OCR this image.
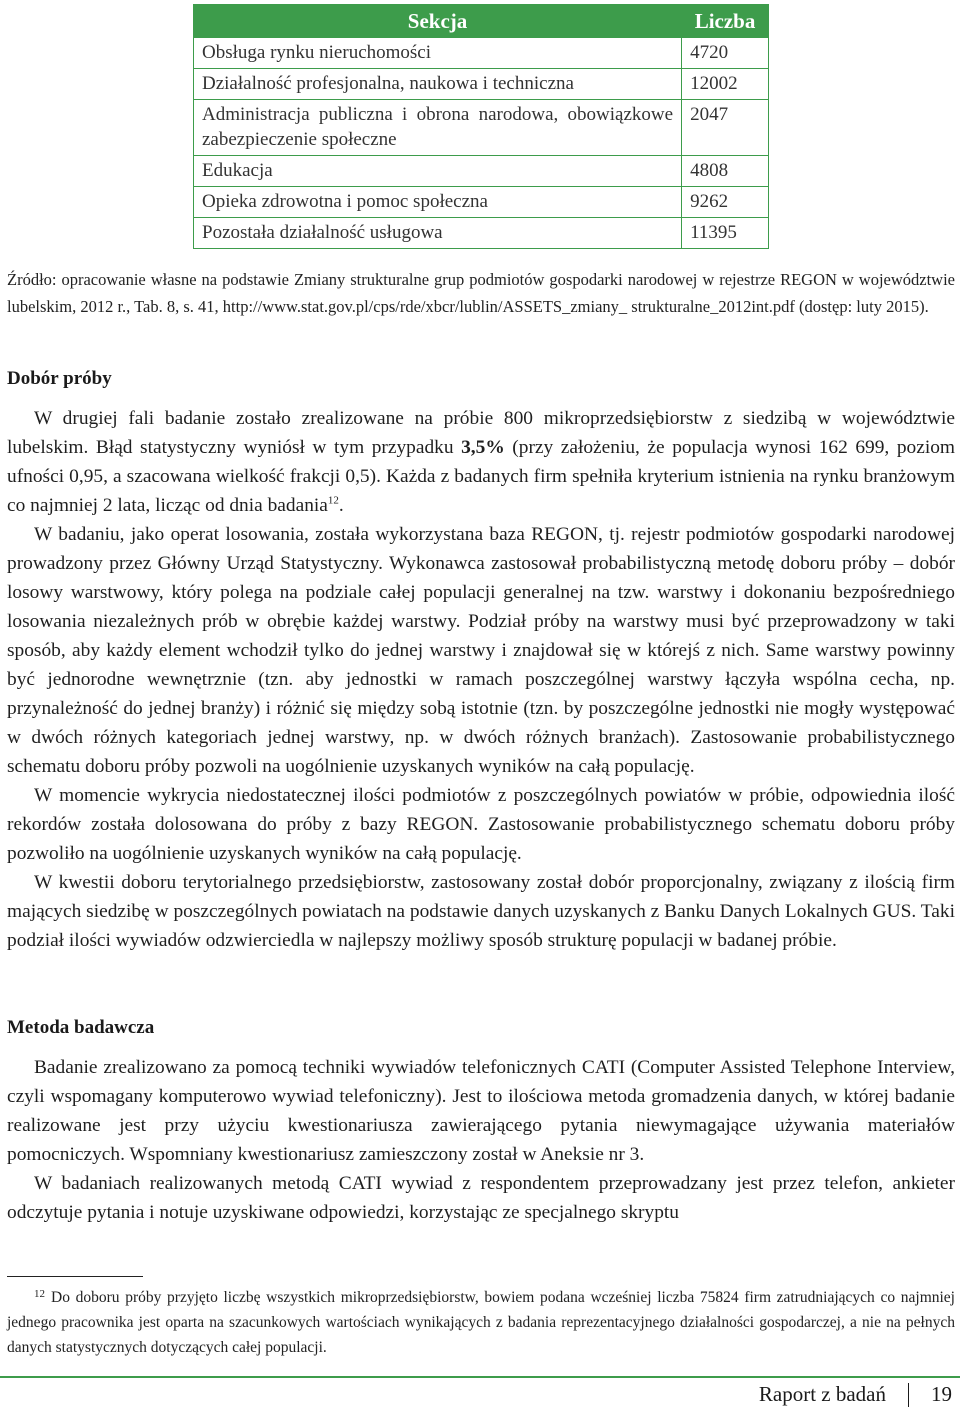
Sekcja	Liczba
Obsługa rynku nieruchomości	4720
Działalność profesjonalna, naukowa i techniczna	12002
Administracja publiczna i obrona narodowa, obowiązkowe zabezpieczenie społeczne	2047
Edukacja	4808
Opieka zdrowotna i pomoc społeczna	9262
Pozostała działalność usługowa	11395

Źródło: opracowanie własne na podstawie Zmiany strukturalne grup podmiotów gospodarki narodowej w rejestrze REGON w województwie lubelskim, 2012 r., Tab. 8, s. 41, http://www.stat.gov.pl/cps/rde/xbcr/lublin/ASSETS_zmiany_ strukturalne_2012int.pdf (dostęp: luty 2015).

Dobór próby

W drugiej fali badanie zostało zrealizowane na próbie 800 mikroprzedsiębiorstw z siedzibą w województwie lubelskim. Błąd statystyczny wyniósł w tym przypadku 3,5% (przy założeniu, że populacja wynosi 162 699, poziom ufności 0,95, a szacowana wielkość frakcji 0,5). Każda z badanych firm spełniła kryterium istnienia na rynku branżowym co najmniej 2 lata, licząc od dnia badania$^{12}$.

W badaniu, jako operat losowania, została wykorzystana baza REGON, tj. rejestr podmiotów gospodarki narodowej prowadzony przez Główny Urząd Statystyczny. Wykonawca zastosował probabilistyczną metodę doboru próby – dobór losowy warstwowy, który polega na podziale całej populacji generalnej na tzw. warstwy i dokonaniu bezpośredniego losowania niezależnych prób w obrębie każdej warstwy. Podział próby na warstwy musi być przeprowadzony w taki sposób, aby każdy element wchodził tylko do jednej warstwy i znajdował się w którejś z nich. Same warstwy powinny być jednorodne wewnętrznie (tzn. aby jednostki w ramach poszczególnej warstwy łączyła wspólna cecha, np. przynależność do jednej branży) i różnić się między sobą istotnie (tzn. by poszczególne jednostki nie mogły występować w dwóch różnych kategoriach jednej warstwy, np. w dwóch różnych branżach). Zastosowanie probabilistycznego schematu doboru próby pozwoli na uogólnienie uzyskanych wyników na całą populację.

W momencie wykrycia niedostatecznej ilości podmiotów z poszczególnych powiatów w próbie, odpowiednia ilość rekordów została dolosowana do próby z bazy REGON. Zastosowanie probabilistycznego schematu doboru próby pozwoliło na uogólnienie uzyskanych wyników na całą populację.

W kwestii doboru terytorialnego przedsiębiorstw, zastosowany został dobór proporcjonalny, związany z ilością firm mających siedzibę w poszczególnych powiatach na podstawie danych uzyskanych z Banku Danych Lokalnych GUS. Taki podział ilości wywiadów odzwierciedla w najlepszy możliwy sposób strukturę populacji w badanej próbie.

Metoda badawcza

Badanie zrealizowano za pomocą techniki wywiadów telefonicznych CATI (Computer Assisted Telephone Interview, czyli wspomagany komputerowo wywiad telefoniczny). Jest to ilościowa metoda gromadzenia danych, w której badanie realizowane jest przy użyciu kwestionariusza zawierającego pytania niewymagające używania materiałów pomocniczych. Wspomniany kwestionariusz zamieszczony został w Aneksie nr 3.

W badaniach realizowanych metodą CATI wywiad z respondentem przeprowadzany jest przez telefon, ankieter odczytuje pytania i notuje uzyskiwane odpowiedzi, korzystając ze specjalnego skryptu

$^{12}$ Do doboru próby przyjęto liczbę wszystkich mikroprzedsiębiorstw, bowiem podana wcześniej liczba 75824 firm zatrudniających co najmniej jednego pracownika jest oparta na szacunkowych wartościach wynikających z badania reprezentacyjnego działalności gospodarczej, a nie na pełnych danych statystycznych dotyczących całej populacji.

Raport z badań 19
